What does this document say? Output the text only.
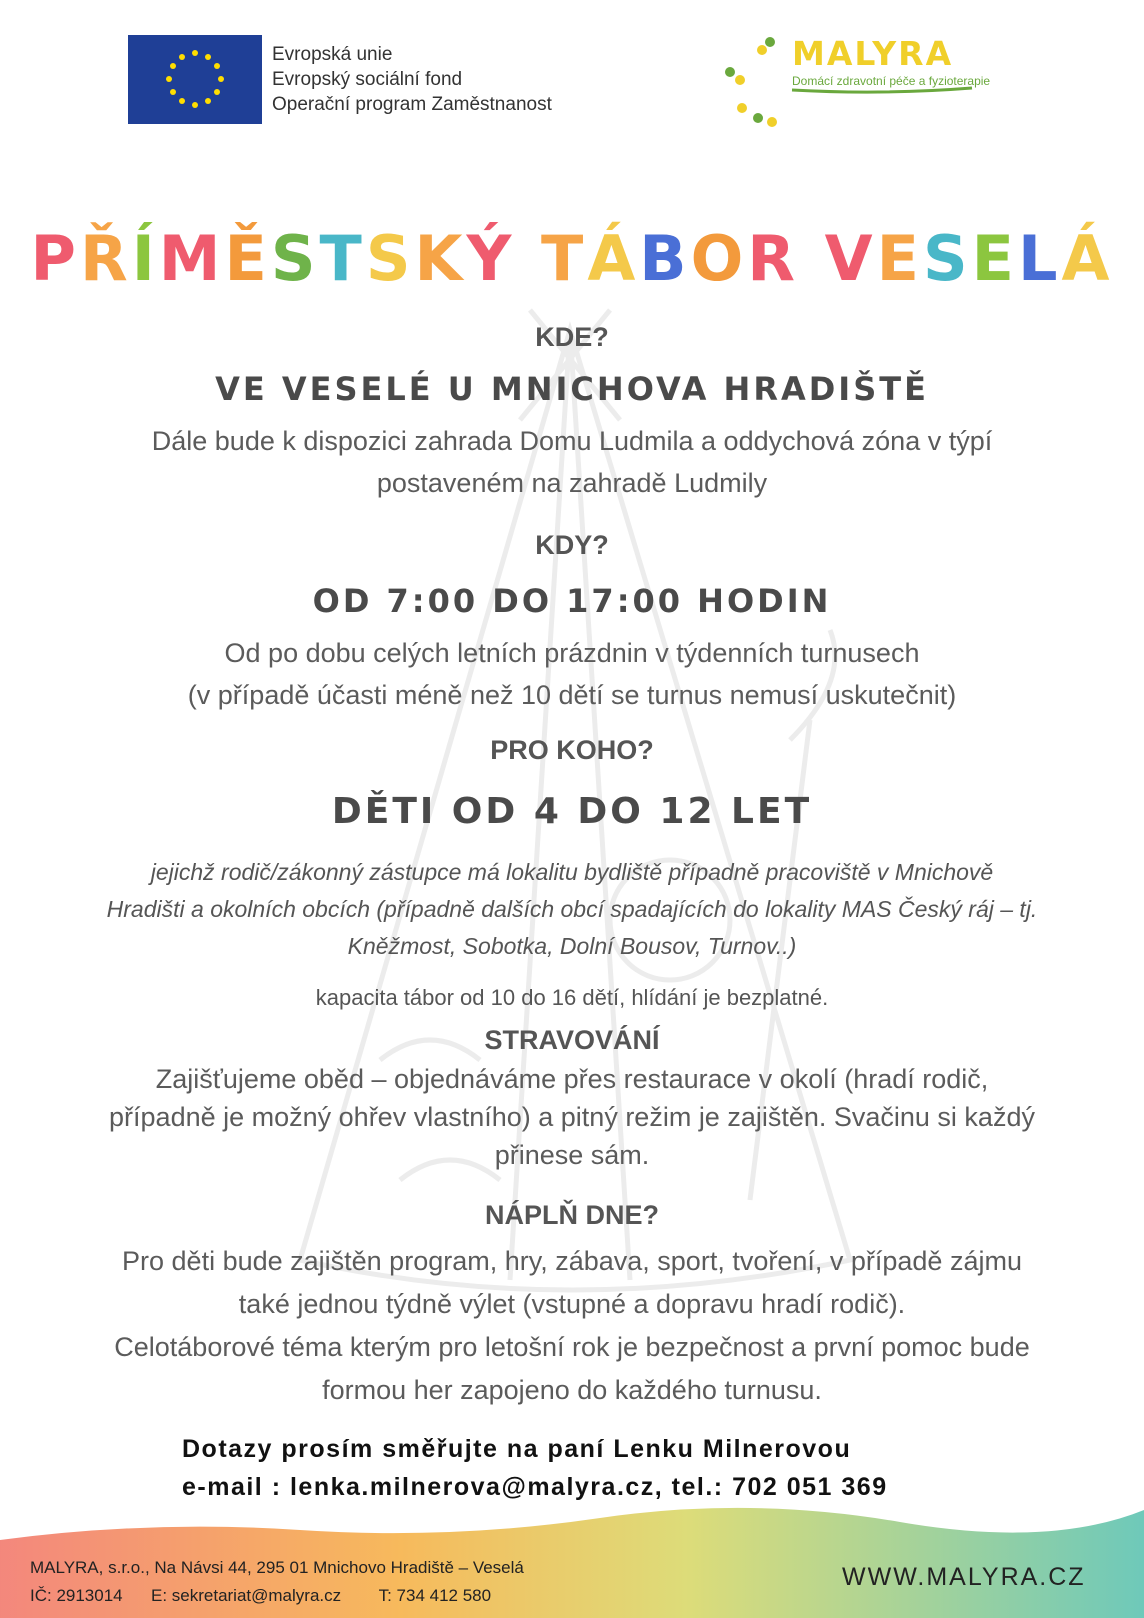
Evropská unie
Evropský sociální fond
Operační program Zaměstnanost
MALYRA
Domácí zdravotní péče a fyzioterapie
PŘÍMĚSTSKÝ TÁBOR VESELÁ
KDE?
VE VESELÉ U MNICHOVA HRADIŠTĚ
Dále bude k dispozici zahrada Domu Ludmila a oddychová zóna v týpí
postaveném na zahradě Ludmily
KDY?
OD 7:00 DO 17:00 HODIN
Od po dobu celých letních prázdnin v týdenních turnusech
(v případě účasti méně než 10 dětí se turnus nemusí uskutečnit)
PRO KOHO?
DĚTI OD 4 DO 12 LET
jejichž rodič/zákonný zástupce má lokalitu bydliště případně pracoviště v Mnichově
Hradišti a okolních obcích (případně dalších obcí spadajících do lokality MAS Český ráj – tj.
Kněžmost, Sobotka, Dolní Bousov, Turnov..)
kapacita tábor od 10 do 16 dětí, hlídání je bezplatné.
STRAVOVÁNÍ
Zajišťujeme oběd – objednáváme přes restaurace v okolí (hradí rodič,
případně je možný ohřev vlastního) a pitný režim je zajištěn. Svačinu si každý
přinese sám.
NÁPLŇ DNE?
Pro děti bude zajištěn program, hry, zábava, sport, tvoření, v případě zájmu
také jednou týdně výlet (vstupné a dopravu hradí rodič).
Celotáborové téma kterým pro letošní rok je bezpečnost a první pomoc bude
formou her zapojeno do každého turnusu.
Dotazy prosím směřujte na paní Lenku Milnerovou
e-mail : lenka.milnerova@malyra.cz, tel.: 702 051 369
MALYRA, s.r.o., Na Návsi 44, 295 01 Mnichovo Hradiště – Veselá
IČ: 2913014 E: sekretariat@malyra.cz T: 734 412 580
WWW.MALYRA.CZ
